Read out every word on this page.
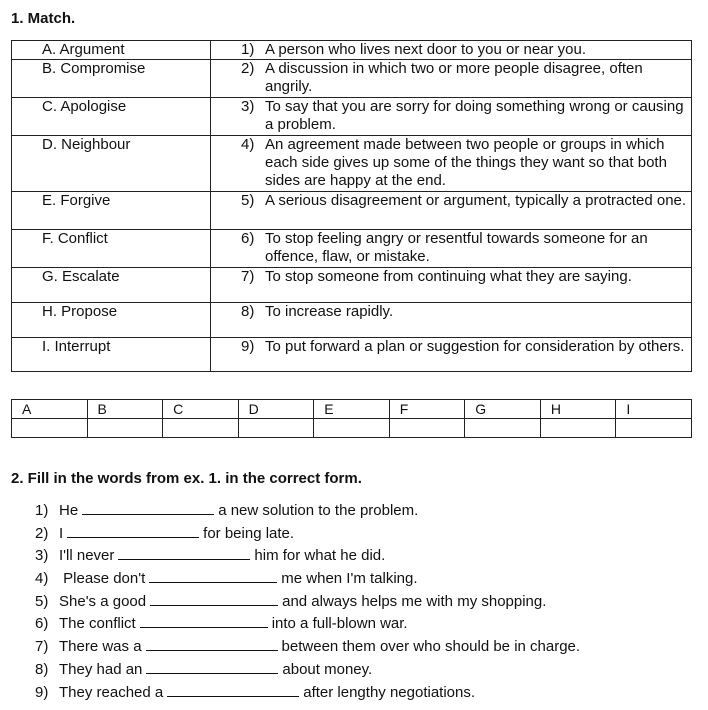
1. Match.
A. Argument	1) A person who lives next door to you or near you.

B. Compromise	2) A discussion in which two or more people disagree, often angrily.

C. Apologise	3) To say that you are sorry for doing something wrong or causing a problem.

D. Neighbour	4) An agreement made between two people or groups in which each side gives up some of the things they want so that both sides are happy at the end.

E. Forgive	5) A serious disagreement or argument, typically a protracted one.

F. Conflict	6) To stop feeling angry or resentful towards someone for an offence, flaw, or mistake.

G. Escalate	7) To stop someone from continuing what they are saying.

H. Propose	8) To increase rapidly.

I. Interrupt	9) To put forward a plan or suggestion for consideration by others.
A	B	C	D	E	F	G	H	I

2. Fill in the words from ex. 1. in the correct form.
1) He	a new solution to the problem.
2) I	for being late.
3) I'll never	him for what he did.
4) Please don't	me when I'm talking.
5) She's a good	and always helps me with my shopping.
6) The conflict	into a full-blown war.
7) There was a	between them over who should be in charge.
8) They had an	about money.
9) They reached a	after lengthy negotiations.
